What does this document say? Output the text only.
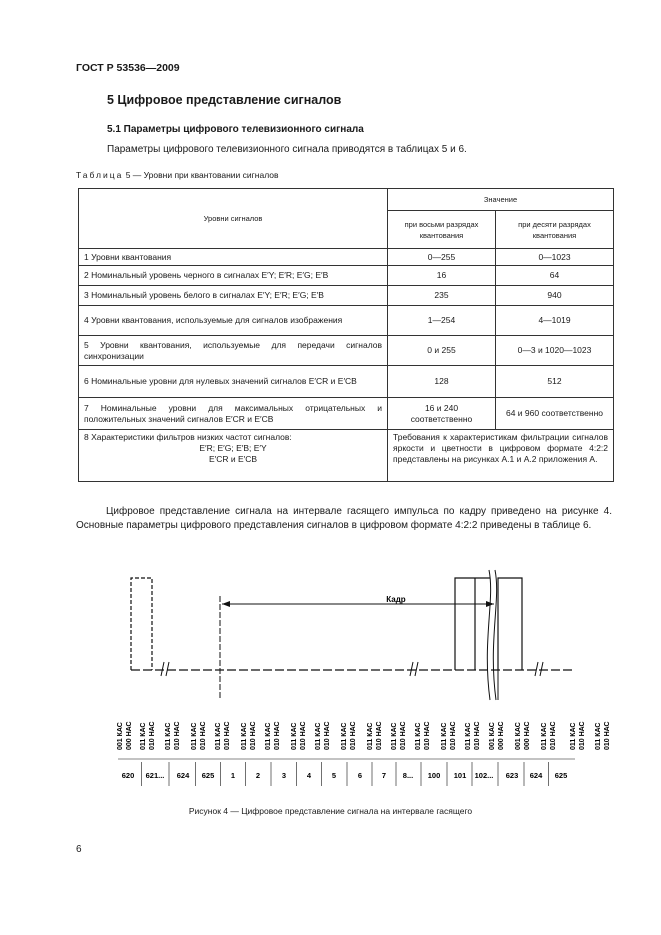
ГОСТ Р 53536—2009
5 Цифровое представление сигналов
5.1 Параметры цифрового телевизионного сигнала
Параметры цифрового телевизионного сигнала приводятся в таблицах 5 и 6.
Таблица 5 — Уровни при квантовании сигналов
Уровни сигналов	Значение	
	при восьми разрядах квантования	при десяти разрядах квантования
1 Уровни квантования	0—255	0—1023
2 Номинальный уровень черного в сигналах E′Y; E′R; E′G; E′B	16	64
3 Номинальный уровень белого в сигналах E′Y; E′R; E′G; E′B	235	940
4 Уровни квантования, используемые для сигналов изображения	1—254	4—1019
5 Уровни квантования, используемые для передачи сигналов синхронизации	0 и 255	0—3 и 1020—1023
6 Номинальные уровни для нулевых значений сигналов E′CR и E′CB	128	512
7 Номинальные уровни для максимальных отрицательных и положительных значений сигналов E′CR и E′CB	16 и 240 соответственно	64 и 960 соответственно

8 Характеристики фильтров низких частот сигналов:
E′R; E′G; E′B; E′Y
E′CR и E′CB	Требования к характеристикам фильтрации сигналов яркости и цветности в цифровом формате 4:2:2 представлены на рисунках А.1 и А.2 приложения А.	
Цифровое представление сигнала на интервале гасящего импульса по кадру приведено на рисунке 4. Основные параметры цифрового представления сигналов в цифровом формате 4:2:2 приведены в таблице 6.
Кадр
001 КАС 000 НАС 011 КАС 010 НАС 011 КАС 010 НАС 011 КАС 010 НАС 011 КАС 010 НАС 011 КАС 010 НАС 011 КАС 010 НАС 011 КАС 010 НАС 011 КАС 010 НАС 011 КАС 010 НАС 011 КАС 010 НАС 011 КАС 010 НАС 011 КАС 010 НАС 011 КАС 010 НАС 011 КАС 010 НАС 001 КАС 000 НАС 001 КАС 000 НАС 011 КАС 010 НАС 011 КАС 010 НАС 011 КАС 010 НАС
620 621... 624 625 1	2	3	4	5	6	7 8... 100 101 102... 623 624 625
Рисунок 4 — Цифровое представление сигнала на интервале гасящего
6
